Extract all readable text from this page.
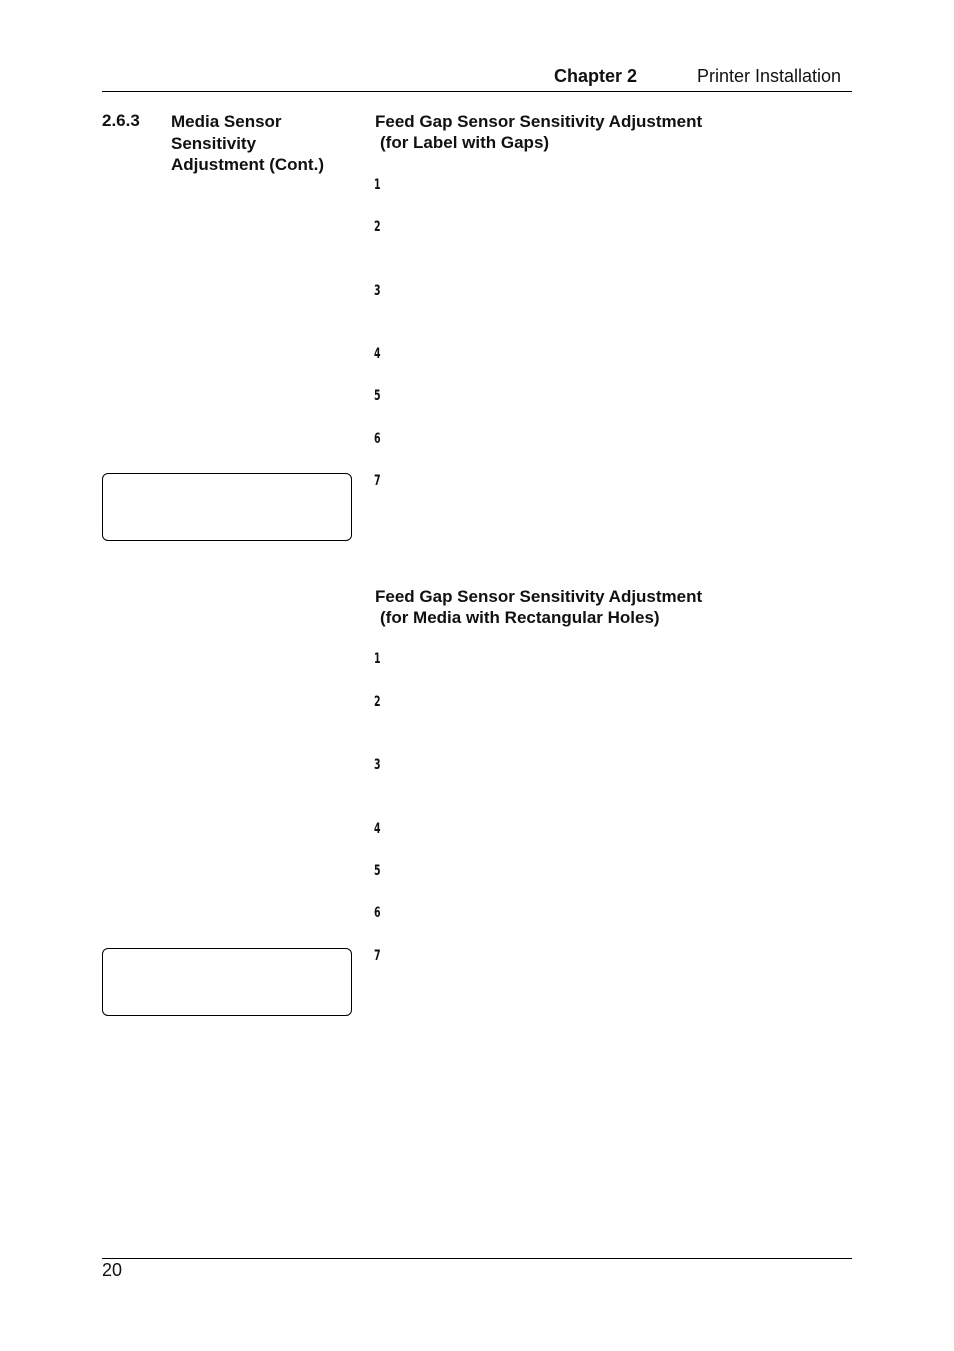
Chapter 2	Printer Installation
2.6.3 Media Sensor
Sensitivity
Adjustment (Cont.)
Feed Gap Sensor Sensitivity Adjustment
(for Label with Gaps)
1
2
3
4
5
6
7
Feed Gap Sensor Sensitivity Adjustment
(for Media with Rectangular Holes)
1
2
3
4
5
6
7
20
